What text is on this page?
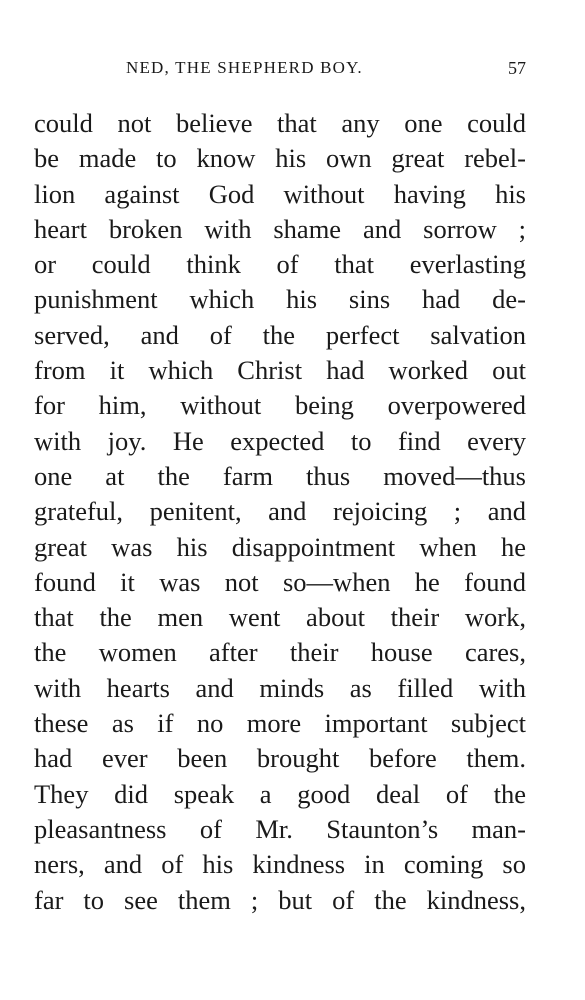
NED, THE SHEPHERD BOY.	57
could not believe that any one could
be made to know his own great rebel-
lion against God without having his
heart broken with shame and sorrow ;
or could think of that everlasting
punishment which his sins had de-
served, and of the perfect salvation
from it which Christ had worked out
for him, without being overpowered
with joy. He expected to find every
one at the farm thus moved—thus
grateful, penitent, and rejoicing ; and
great was his disappointment when he
found it was not so—when he found
that the men went about their work,
the women after their house cares,
with hearts and minds as filled with
these as if no more important subject
had ever been brought before them.
They did speak a good deal of the
pleasantness of Mr. Staunton’s man-
ners, and of his kindness in coming so
far to see them ; but of the kindness,
